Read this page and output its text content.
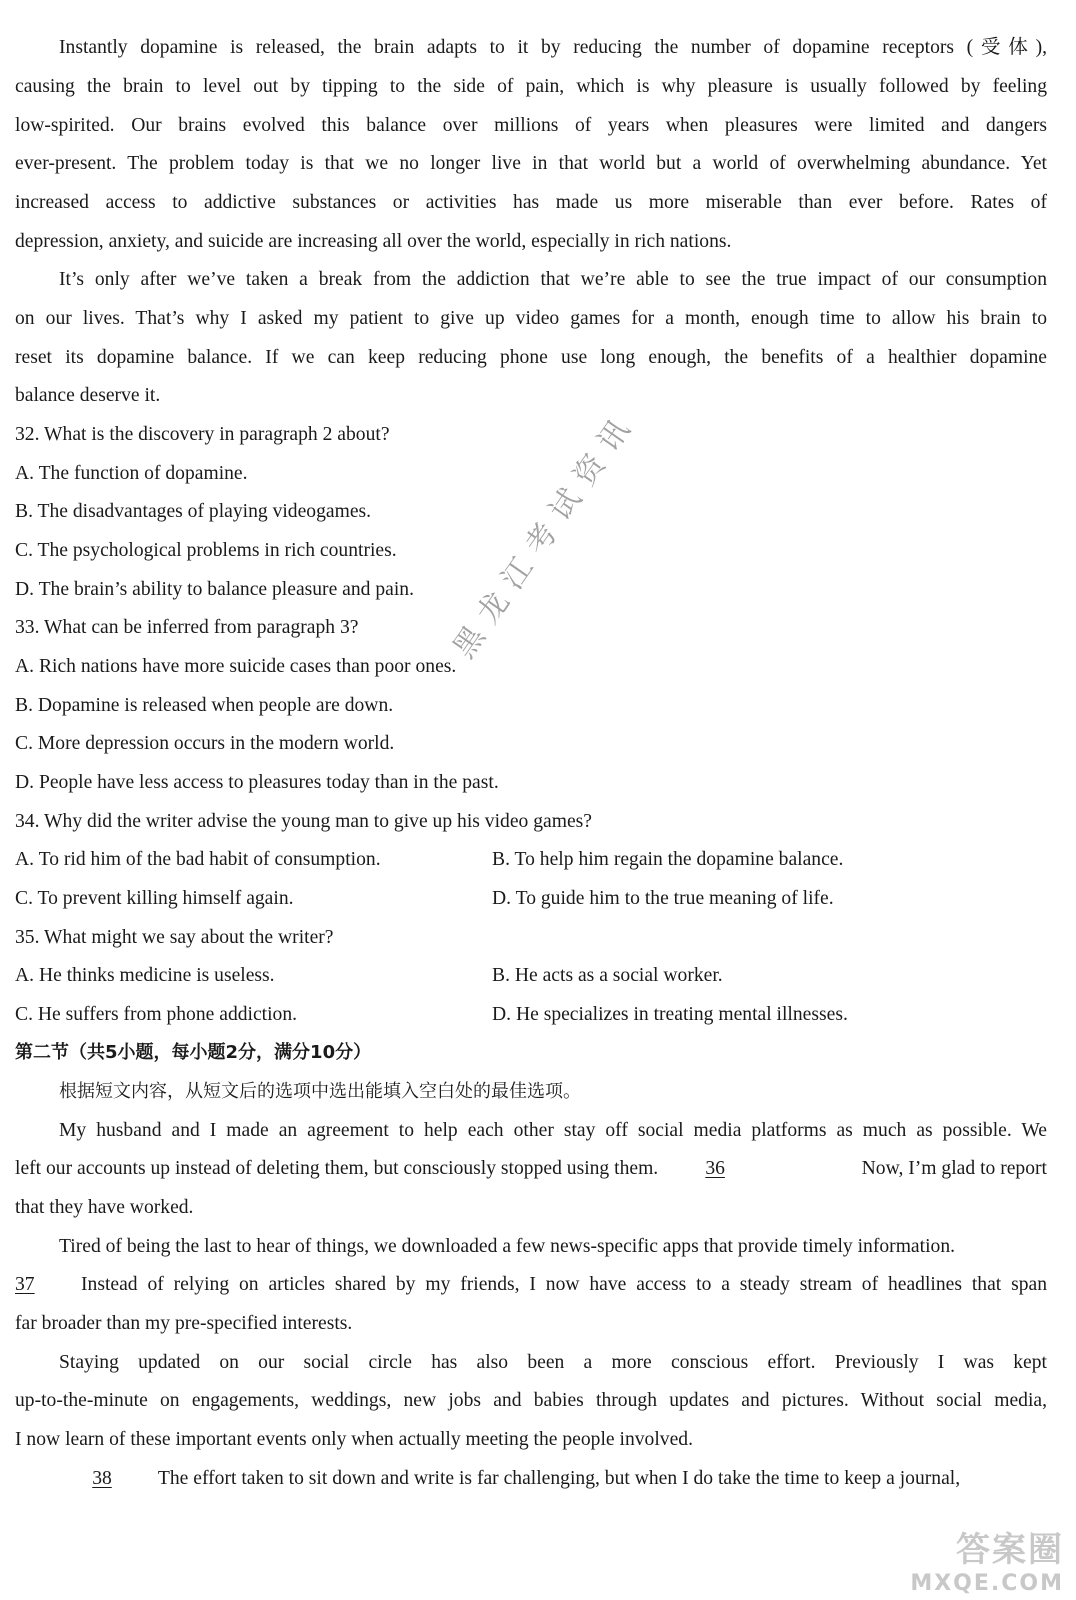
Instantly dopamine is released, the brain adapts to it by reducing the number of dopamine receptors (受体),
causing the brain to level out by tipping to the side of pain, which is why pleasure is usually followed by feeling
low-spirited. Our brains evolved this balance over millions of years when pleasures were limited and dangers
ever-present. The problem today is that we no longer live in that world but a world of overwhelming abundance. Yet
increased access to addictive substances or activities has made us more miserable than ever before. Rates of
depression, anxiety, and suicide are increasing all over the world, especially in rich nations.
It’s only after we’ve taken a break from the addiction that we’re able to see the true impact of our consumption
on our lives. That’s why I asked my patient to give up video games for a month, enough time to allow his brain to
reset its dopamine balance. If we can keep reducing phone use long enough, the benefits of a healthier dopamine
balance deserve it.
32. What is the discovery in paragraph 2 about?
A. The function of dopamine.
B. The disadvantages of playing videogames.
C. The psychological problems in rich countries.
D. The brain’s ability to balance pleasure and pain.
33. What can be inferred from paragraph 3?
A. Rich nations have more suicide cases than poor ones.
B. Dopamine is released when people are down.
C. More depression occurs in the modern world.
D. People have less access to pleasures today than in the past.
34. Why did the writer advise the young man to give up his video games?
A. To rid him of the bad habit of consumption.	B. To help him regain the dopamine balance.
C. To prevent killing himself again.	D. To guide him to the true meaning of life.
35. What might we say about the writer?
A. He thinks medicine is useless.	B. He acts as a social worker.
C. He suffers from phone addiction.	D. He specializes in treating mental illnesses.
第二节（共5小题，每小题2分，满分10分）
根据短文内容，从短文后的选项中选出能填入空白处的最佳选项。
My husband and I made an agreement to help each other stay off social media platforms as much as possible. We
left our accounts up instead of deleting them, but consciously stopped using them. 36	Now, I’m glad to report
that they have worked.
Tired of being the last to hear of things, we downloaded a few news-specific apps that provide timely information.
37 Instead of relying on articles shared by my friends, I now have access to a steady stream of headlines that span
far broader than my pre-specified interests.
Staying updated on our social circle has also been a more conscious effort. Previously I was kept
up-to-the-minute on engagements, weddings, new jobs and babies through updates and pictures. Without social media,
I now learn of these important events only when actually meeting the people involved.
38 The effort taken to sit down and write is far challenging, but when I do take the time to keep a journal,
黑龙江考试资讯
答案圈
MXQE.COM
